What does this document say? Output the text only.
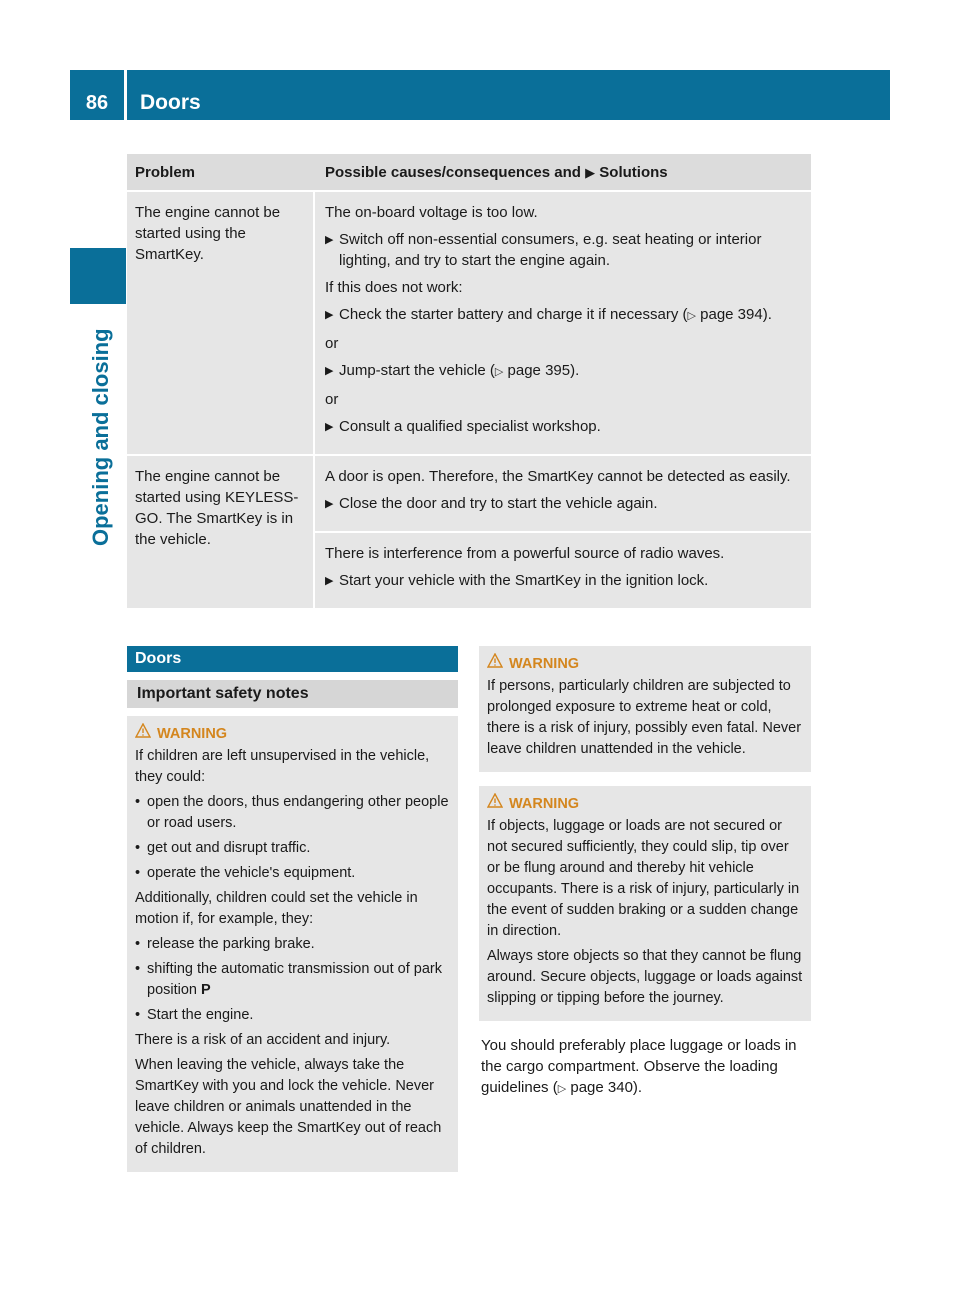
86	Doors
Opening and closing
Problem	Possible causes/consequences and ▶ Solutions
The engine cannot be started using the SmartKey.
The on-board voltage is too low.
▶ Switch off non-essential consumers, e.g. seat heating or interior lighting, and try to start the engine again.
If this does not work:
▶ Check the starter battery and charge it if necessary (▷ page 394).
or
▶ Jump-start the vehicle (▷ page 395).
or
▶ Consult a qualified specialist workshop.
The engine cannot be started using KEYLESS-GO. The SmartKey is in the vehicle.
A door is open. Therefore, the SmartKey cannot be detected as easily.
▶ Close the door and try to start the vehicle again.
There is interference from a powerful source of radio waves.
▶ Start your vehicle with the SmartKey in the ignition lock.
Doors
Important safety notes
WARNING
If children are left unsupervised in the vehicle, they could:
• open the doors, thus endangering other people or road users.
• get out and disrupt traffic.
• operate the vehicle's equipment.
Additionally, children could set the vehicle in motion if, for example, they:
• release the parking brake.
• shifting the automatic transmission out of park position P
• Start the engine.
There is a risk of an accident and injury.
When leaving the vehicle, always take the SmartKey with you and lock the vehicle. Never leave children or animals unattended in the vehicle. Always keep the SmartKey out of reach of children.
WARNING
If persons, particularly children are subjected to prolonged exposure to extreme heat or cold, there is a risk of injury, possibly even fatal. Never leave children unattended in the vehicle.
WARNING
If objects, luggage or loads are not secured or not secured sufficiently, they could slip, tip over or be flung around and thereby hit vehicle occupants. There is a risk of injury, particularly in the event of sudden braking or a sudden change in direction.
Always store objects so that they cannot be flung around. Secure objects, luggage or loads against slipping or tipping before the journey.
You should preferably place luggage or loads in the cargo compartment. Observe the loading guidelines (▷ page 340).
